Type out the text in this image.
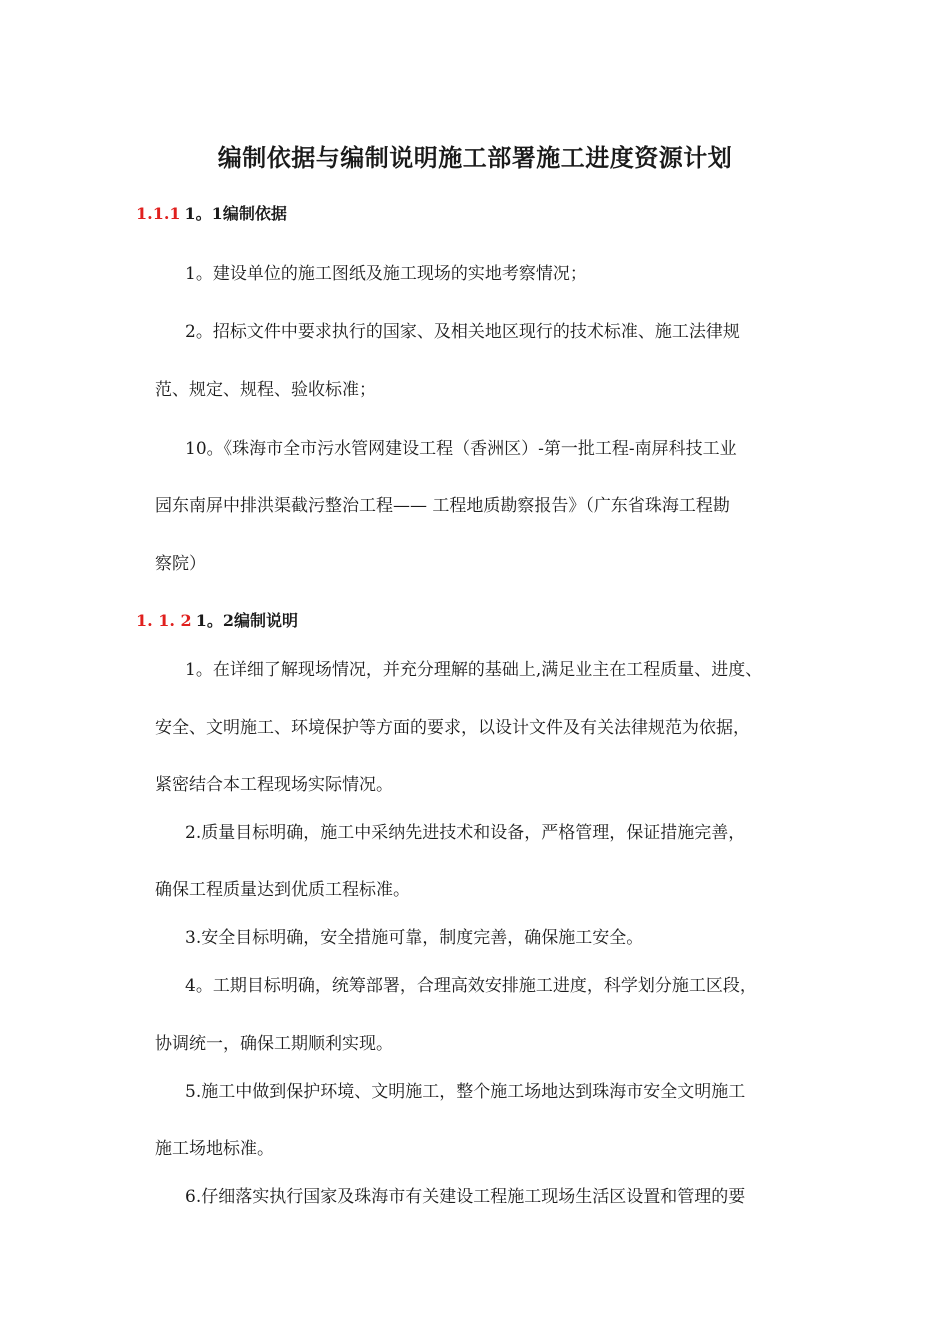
编制依据与编制说明施工部署施工进度资源计划
1.1.1 1。1编制依据

1。建设单位的施工图纸及施工现场的实地考察情况；

2。招标文件中要求执行的国家、及相关地区现行的技术标准、施工法律规

范、规定、规程、验收标准；

10。《珠海市全市污水管网建设工程（香洲区）-第一批工程-南屏科技工业

园东南屏中排洪渠截污整治工程—— 工程地质勘察报告》（广东省珠海工程勘

察院）

1. 1. 2 1。2编制说明

1。在详细了解现场情况，并充分理解的基础上,满足业主在工程质量、进度、

安全、文明施工、环境保护等方面的要求，以设计文件及有关法律规范为依据，

紧密结合本工程现场实际情况。

2.质量目标明确，施工中采纳先进技术和设备，严格管理，保证措施完善，

确保工程质量达到优质工程标准。

3.安全目标明确，安全措施可靠，制度完善，确保施工安全。

4。工期目标明确，统筹部署，合理高效安排施工进度，科学划分施工区段，

协调统一，确保工期顺利实现。

5.施工中做到保护环境、文明施工，整个施工场地达到珠海市安全文明施工

施工场地标准。

6.仔细落实执行国家及珠海市有关建设工程施工现场生活区设置和管理的要
